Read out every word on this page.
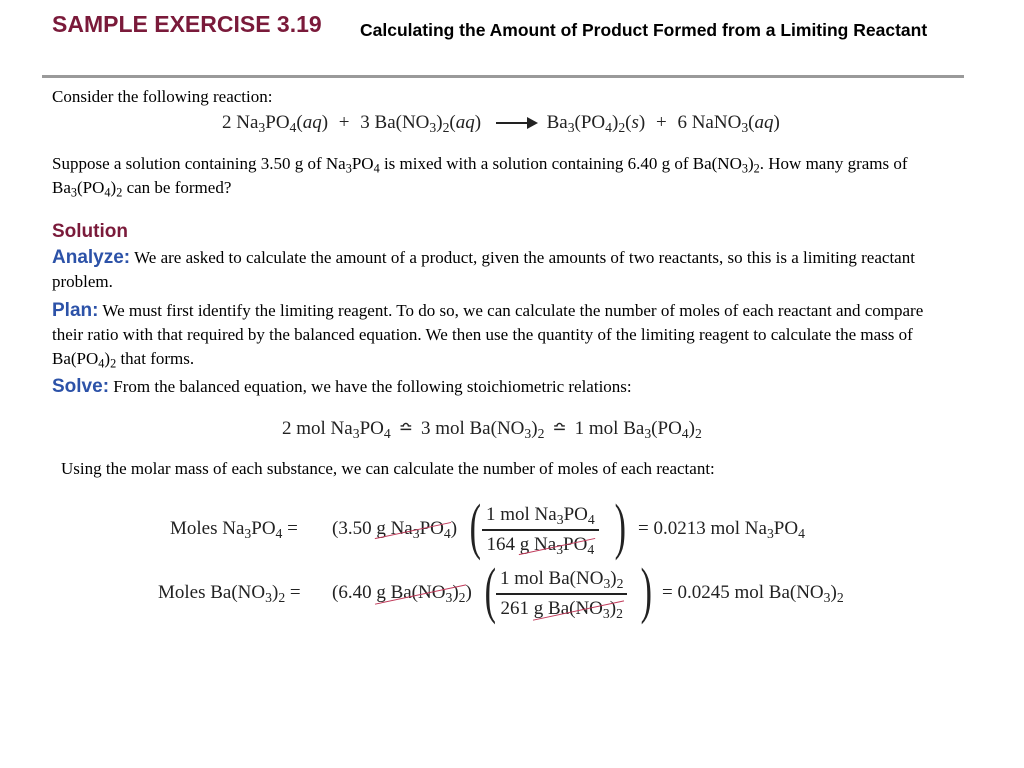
SAMPLE EXERCISE 3.19 Calculating the Amount of Product Formed from a Limiting Reactant

Consider the following reaction:

2 $Na_3PO_4(aq) + 3$ $Ba(NO_3)_2(aq) \to Ba_3(PO_4)_2(s) + 6$ NaNO$_3$(aq)

Suppose a solution containing 3.50 g of $Na_3PO_4$ is mixed with a solution containing 6.40 g of $Ba(NO_3)_2$. How many grams of $Ba_3(PO_4)_2$ can be formed?

Solution

Analyze: We are asked to calculate the amount of a product, given the amounts of two reactants, so this is a limiting reactant problem.

Plan: We must first identify the limiting reagent. To do so, we can calculate the number of moles of each reactant and compare their ratio with that required by the balanced equation. We then use the quantity of the limiting reagent to calculate the mass of $Ba(PO_4)_2$ that forms.

Solve: From the balanced equation, we have the following stoichiometric relations:

2 mol $Na_3PO_4$ ≏ 3 mol $Ba(NO_3)_2$ ≏ 1 mol $Ba_3(PO_4)_2$

Using the molar mass of each substance, we can calculate the number of moles of each reactant:

Moles $Na_3PO_4 = (3.50$ g $Na_3PO_4$) ( 1 mol $Na_3PO_4$
164 g $Na_3PO_4$ ) = 0.0213 mol $Na_3PO_4$
Moles $Ba(NO_3)_2 = (6.40$ g $Ba(NO_3)_2$) ( 1 mol $Ba(NO_3)_2$
261 g $Ba(NO_3)_2$ ) = 0.0245 mol $Ba(NO_3)_2$
